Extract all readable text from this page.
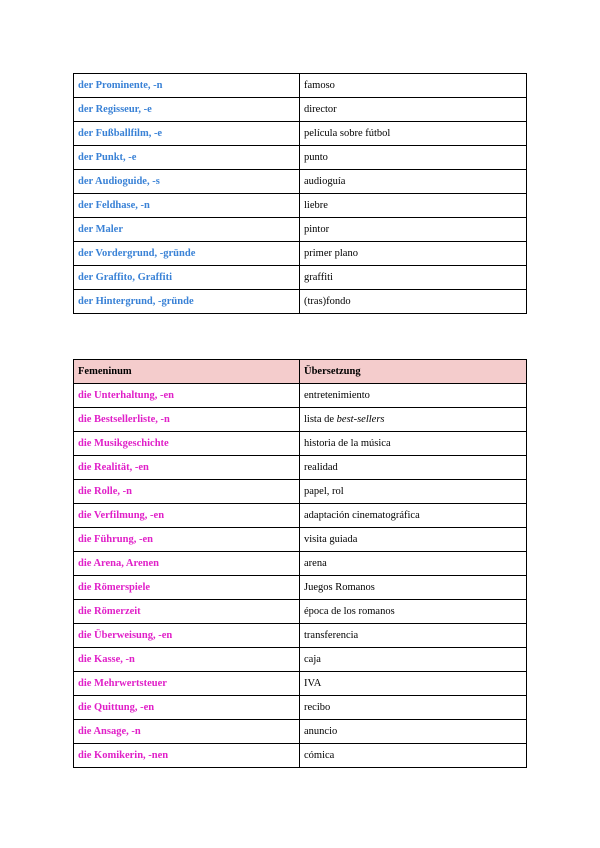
der Prominente, -n	famoso
der Regisseur, -e	director
der Fußballfilm, -e	película sobre fútbol
der Punkt, -e	punto
der Audioguide, -s	audioguía
der Feldhase, -n	liebre
der Maler	pintor
der Vordergrund, -gründe	primer plano
der Graffito, Graffiti	graffiti
der Hintergrund, -gründe	(tras)fondo
Femeninum	Übersetzung
die Unterhaltung, -en	entretenimiento
die Bestsellerliste, -n	lista de best-sellers
die Musikgeschichte	historia de la música
die Realität, -en	realidad
die Rolle, -n	papel, rol
die Verfilmung, -en	adaptación cinematográfica
die Führung, -en	visita guiada
die Arena, Arenen	arena
die Römerspiele	Juegos Romanos
die Römerzeit	época de los romanos
die Überweisung, -en	transferencia
die Kasse, -n	caja
die Mehrwertsteuer	IVA
die Quittung, -en	recibo
die Ansage, -n	anuncio
die Komikerin, -nen	cómica
